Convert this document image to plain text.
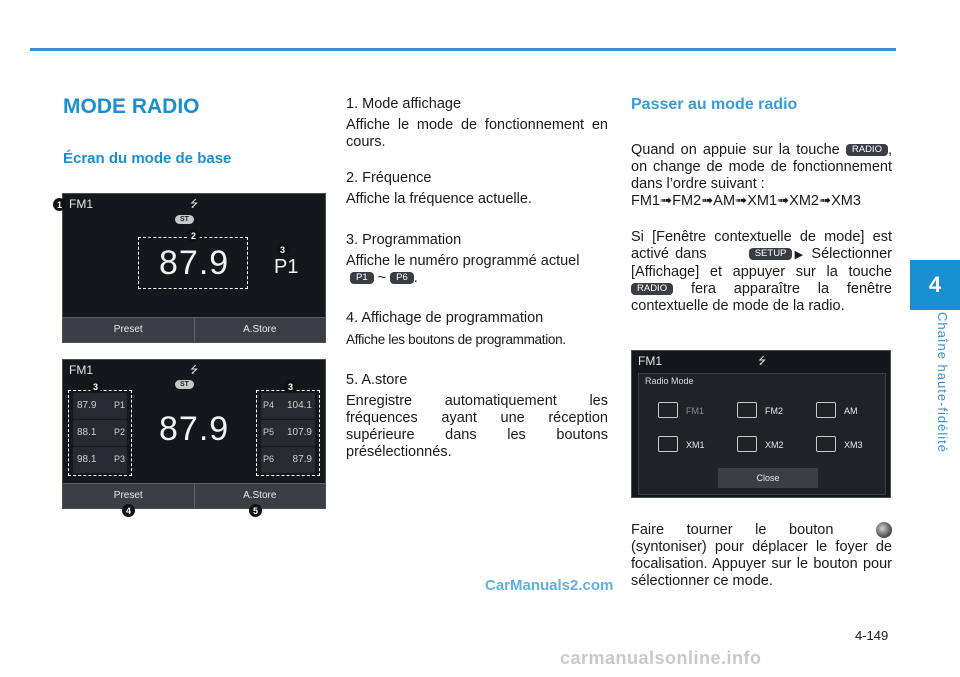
4
Chaîne haute-fidélité
MODE RADIO
Écran du mode de base
FM1	⭍
ST
87.9 P1
Preset	A.Store
1
2
3
FM1	⭍
ST
87.9
87.9 P1
88.1 P2
98.1 P3
P4 104.1
P5 107.9
P6 87.9
Preset	A.Store
3	3
4	5

1. Mode affichage

Affiche le mode de fonctionnement en cours.

2. Fréquence

Affiche la fréquence actuelle.

3. Programmation

Affiche le numéro programmé actuel
P1 ~ P6 .

4. Affichage de programmation

Affiche les boutons de programmation.

5. A.store

Enregistre automatiquement les fréquences ayant une réception supérieure dans les boutons présélectionnés.

Passer au mode radio

Quand on appuie sur la touche RADIO , on change de mode de fonctionnement dans l’ordre suivant :

FM1➟FM2➟AM➟XM1➟XM2➟XM3

Si [Fenêtre contextuelle de mode] est activé dans	SETUP ▶ Sélectionner [Affichage] et appuyer sur la touche RADIO fera apparaître la fenêtre contextuelle de mode de la radio.

FM1	⭍
Radio Mode
FM1	FM2	AM
XM1	XM2	XM3
Close

Faire tourner le bouton  (syntoniser) pour déplacer le foyer de focalisation. Appuyer sur le bouton pour sélectionner ce mode.

CarManuals2.com
4-149
carmanualsonline.info
